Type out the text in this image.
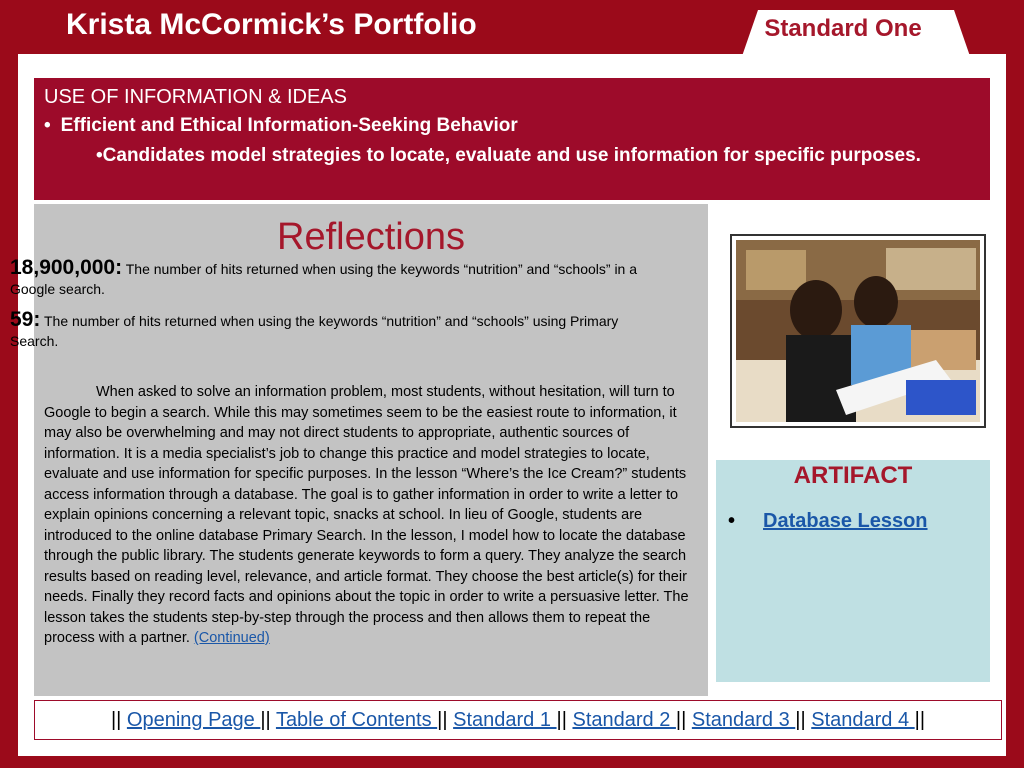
Krista McCormick’s Portfolio	Standard One
USE OF INFORMATION & IDEAS
• Efficient and Ethical Information-Seeking Behavior
•Candidates model strategies to locate, evaluate and use information for specific purposes.
Reflections
When asked to solve an information problem, most students, without hesitation, will turn to Google to begin a search. While this may sometimes seem to be the easiest route to information, it may also be overwhelming and may not direct students to appropriate, authentic sources of information. It is a media specialist’s job to change this practice and model strategies to locate, evaluate and use information for specific purposes. In the lesson “Where’s the Ice Cream?” students access information through a database. The goal is to gather information in order to write a letter to explain opinions concerning a relevant topic, snacks at school. In lieu of Google, students are introduced to the online database Primary Search. In the lesson, I model how to locate the database through the public library. The students generate keywords to form a query. They analyze the search results based on reading level, relevance, and article format. They choose the best article(s) for their needs. Finally they record facts and opinions about the topic in order to write a persuasive letter. The lesson takes the students step-by-step through the process and then allows them to repeat the process with a partner. (Continued)
18,900,000: The number of hits returned when using the keywords “nutrition” and “schools” in a Google search.
59: The number of hits returned when using the keywords “nutrition” and “schools” using Primary Search.
ARTIFACT
• Database Lesson
|| Opening Page || Table of Contents || Standard 1 || Standard 2 || Standard 3 || Standard 4 ||
